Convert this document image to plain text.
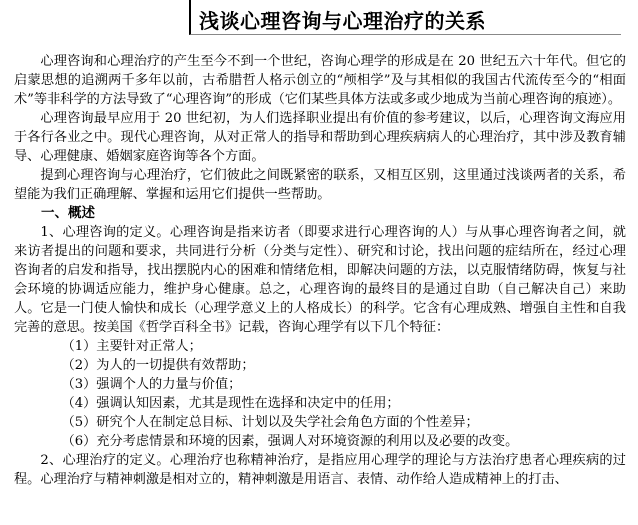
浅谈心理咨询与心理治疗的关系

心理咨询和心理治疗的产生至今不到一个世纪，咨询心理学的形成是在 20 世纪五六十年代。但它的启蒙思想的追溯两千多年以前，古希腊哲人格示创立的“颅相学”及与其相似的我国古代流传至今的“相面术”等非科学的方法导致了“心理咨询”的形成（它们某些具体方法或多或少地成为当前心理咨询的痕迹）。

心理咨询最早应用于 20 世纪初，为人们选择职业提出有价值的参考建议，以后，心理咨询文海应用于各行各业之中。现代心理咨询，从对正常人的指导和帮助到心理疾病病人的心理治疗，其中涉及教育辅导、心理健康、婚姻家庭咨询等各个方面。

提到心理咨询与心理治疗，它们彼此之间既紧密的联系，又相互区别，这里通过浅谈两者的关系，希望能为我们正确理解、掌握和运用它们提供一些帮助。

一、概述

1、心理咨询的定义。心理咨询是指来访者（即要求进行心理咨询的人）与从事心理咨询者之间，就来访者提出的问题和要求，共同进行分析（分类与定性）、研究和讨论，找出问题的症结所在，经过心理咨询者的启发和指导，找出摆脱内心的困难和情绪危相，即解决问题的方法，以克服情绪防碍，恢复与社会环境的协调适应能力，维护身心健康。总之，心理咨询的最终目的是通过自助（自己解决自己）来助人。它是一门使人愉快和成长（心理学意义上的人格成长）的科学。它含有心理成熟、增强自主性和自我完善的意思。按美国《哲学百科全书》记载，咨询心理学有以下几个特征：

（1）主要针对正常人；
（2）为人的一切提供有效帮助；
（3）强调个人的力量与价值；
（4）强调认知因素，尤其是现性在选择和决定中的任用；
（5）研究个人在制定总目标、计划以及失学社会角色方面的个性差异；
（6）充分考虑情景和环境的因素，强调人对环境资源的利用以及必要的改变。

2、心理治疗的定义。心理治疗也称精神治疗，是指应用心理学的理论与方法治疗患者心理疾病的过程。心理治疗与精神刺激是相对立的，精神刺激是用语言、表情、动作给人造成精神上的打击、
